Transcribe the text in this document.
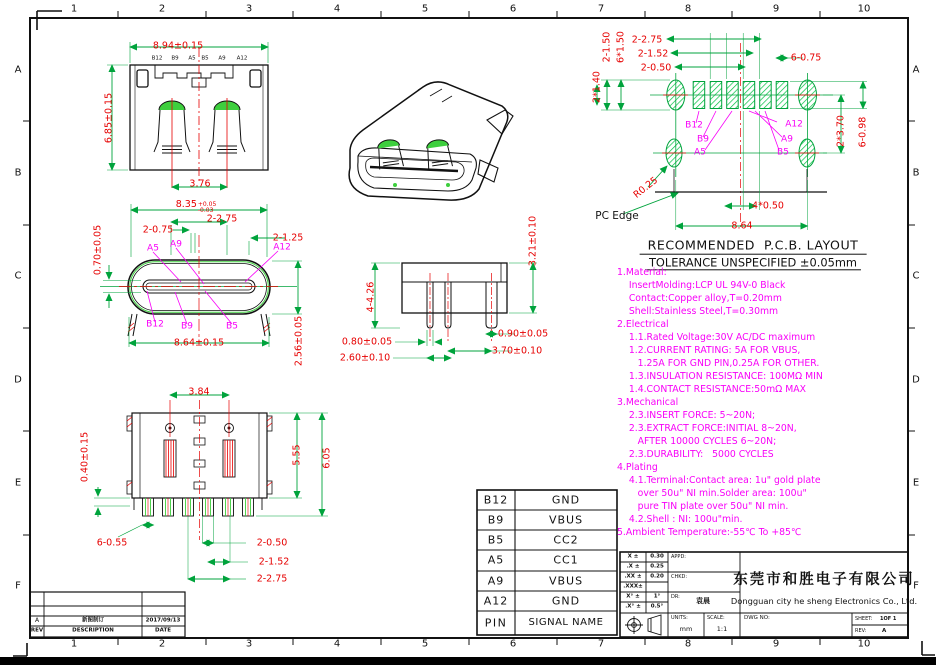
1	2	3	4	5	6	7	8	9	10
1	2	3	4	5	6	7	8	9	10
A
B
C
D
E
F
A
B
C
D
E
F
8.94±0.15
6.85±0.15
3.76
B12 B9 A5 B5 A9 A12
8.35 +0.05
-0.03
2-2.75
2-0.75
2-1.25
A5 A9	A12
B12 B9	B5
8.64±0.15	2.56±0.05
0.70±0.05	3.21±0.10
4-4.26
0.80±0.05
2.60±0.10
0.90±0.05
3.70±0.10
3.84
0.40±0.15
6-0.55	2-0.50
2-1.52
2-2.75
5.55 6.05
2-2.75
2-1.52
2-0.50
6-0.75
2-1.50 6*1.50
2*1.40
R0.25
PC Edge
4*0.50
8.64
2*3.70 6-0.98
B12
B9
A5
A12
A9
B5
RECOMMENDED  P.C.B. LAYOUT
TOLERANCE UNSPECIFIED ±0.05mm
1.Material:
InsertMolding:LCP UL 94V-0 Black
Contact:Copper alloy,T=0.20mm
Shell:Stainless Steel,T=0.30mm
2.Electrical
1.1.Rated Voltage:30V AC/DC maximum
1.2.CURRENT RATING: 5A FOR VBUS,
1.25A FOR GND PIN,0.25A FOR OTHER.
1.3.INSULATION RESISTANCE: 100MΩ MIN
1.4.CONTACT RESISTANCE:50mΩ MAX
3.Mechanical
2.3.INSERT FORCE: 5~20N;
2.3.EXTRACT FORCE:INITIAL 8~20N,
AFTER 10000 CYCLES 6~20N;
2.3.DURABILITY:   5000 CYCLES
4.Plating
4.1.Terminal:Contact area: 1u" gold plate
over 50u" NI min.Solder area: 100u"
pure TIN plate over 50u" NI min.
4.2.Shell : NI: 100u"min.
5.Ambient Temperature:-55℃ To +85℃
B12	GND
B9	VBUS
B5	CC2
A5	CC1
A9	VBUS
A12	GND
PIN SIGNAL NAME
X ± 0.30
.X ± 0.25
.XX ± 0.20
.XXX±
X° ±	1°
.X° ± 0.5°
APPD:
CHKD:
DR: 袁晨
东莞市和胜电子有限公司
Dongguan city he sheng Electronics Co., Ltd.
UNITS:
mm
SCALE:
1:1
DWG NO:	SHEET: 1OF 1
REV:	A
A	新图制订	2017/09/13
REV	DESCRIPTION	DATE
